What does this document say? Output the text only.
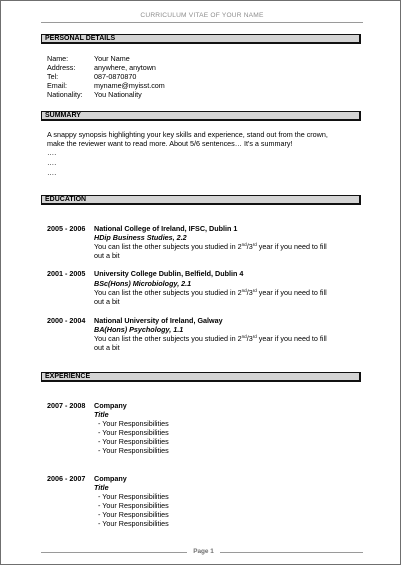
CURRICULUM VITAE OF YOUR NAME
PERSONAL DETAILS
Name:	Your Name
Address:	anywhere, anytown
Tel:	087-0870870
Email:	myname@myisst.com
Nationality: You Nationality
SUMMARY
A snappy synopsis highlighting your key skills and experience, stand out from the crown,
make the reviewer want to read more. About 5/6 sentences… It's a summary!
….
….
….
EDUCATION
2005 - 2006 National College of Ireland, IFSC, Dublin 1
HDip Business Studies, 2.2
You can list the other subjects you studied in 2nd/3rd year if you need to fill
out a bit
2001 - 2005 University College Dublin, Belfield, Dublin 4
BSc(Hons) Microbiology, 2.1
You can list the other subjects you studied in 2nd/3rd year if you need to fill
out a bit
2000 - 2004 National University of Ireland, Galway
BA(Hons) Psychology, 1.1
You can list the other subjects you studied in 2nd/3rd year if you need to fill
out a bit
EXPERIENCE
2007 - 2008 Company
Title
- Your Responsibilities
- Your Responsibilities
- Your Responsibilities
- Your Responsibilities
2006 - 2007 Company
Title
- Your Responsibilities
- Your Responsibilities
- Your Responsibilities
- Your Responsibilities
Page 1
